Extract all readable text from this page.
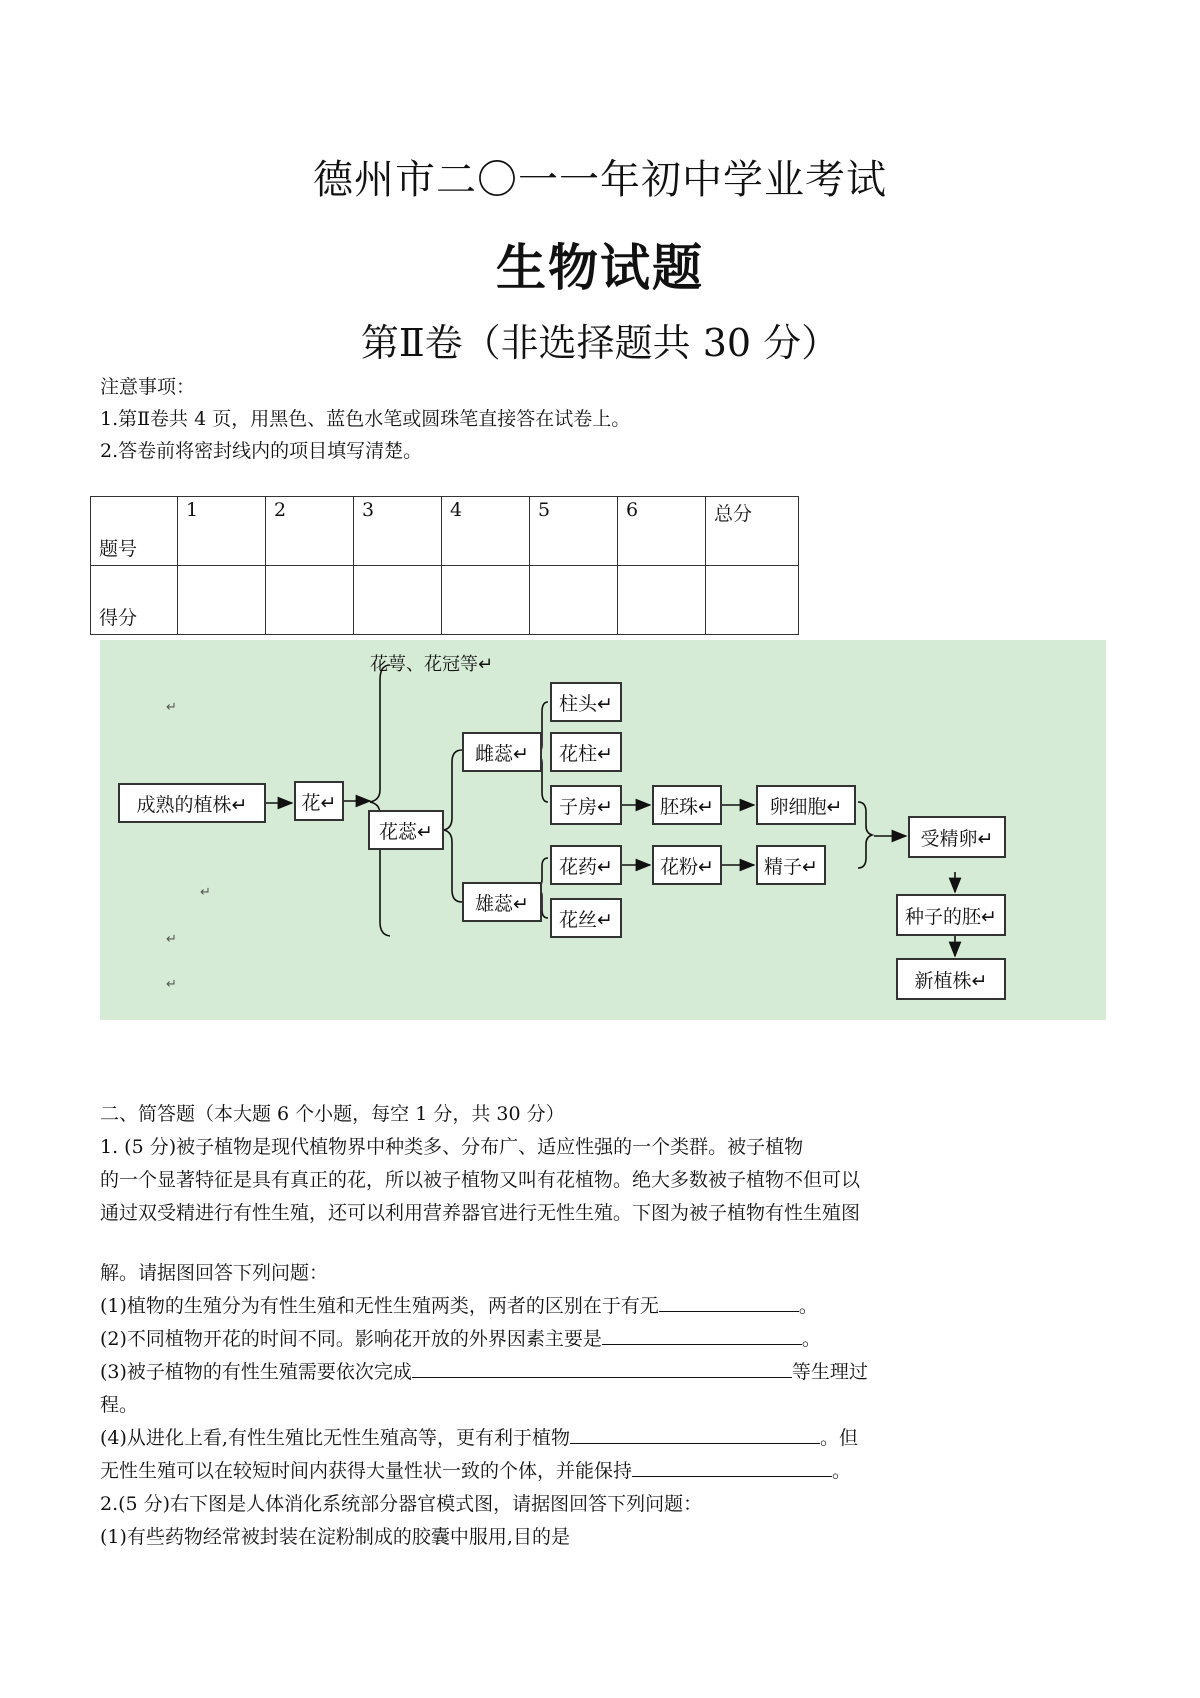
德州市二〇一一年初中学业考试
生物试题
第Ⅱ卷（非选择题共 30 分）
注意事项：
1.第Ⅱ卷共 4 页，用黑色、蓝色水笔或圆珠笔直接答在试卷上。
2.答卷前将密封线内的项目填写清楚。
题号	1	2	3	4	5	6	总分
得分							
花萼、花冠等↵
成熟的植株↵	花↵
花蕊↵
雌蕊↵
雄蕊↵
柱头↵
花柱↵
子房↵
花药↵
花丝↵
胚珠↵
花粉↵
卵细胞↵
精子↵
受精卵↵
种子的胚↵
新植株↵
↵
↵
↵
↵
二、简答题（本大题 6 个小题，每空 1 分，共 30 分）
1. (5 分)被子植物是现代植物界中种类多、分布广、适应性强的一个类群。被子植物
的一个显著特征是具有真正的花，所以被子植物又叫有花植物。绝大多数被子植物不但可以
通过双受精进行有性生殖，还可以利用营养器官进行无性生殖。下图为被子植物有性生殖图
解。请据图回答下列问题：
(1)植物的生殖分为有性生殖和无性生殖两类，两者的区别在于有无	。
(2)不同植物开花的时间不同。影响花开放的外界因素主要是	。
(3)被子植物的有性生殖需要依次完成	等生理过
程。
(4)从进化上看,有性生殖比无性生殖高等，更有利于植物	。但
无性生殖可以在较短时间内获得大量性状一致的个体，并能保持	。
2.(5 分)右下图是人体消化系统部分器官模式图，请据图回答下列问题：
(1)有些药物经常被封装在淀粉制成的胶囊中服用,目的是
